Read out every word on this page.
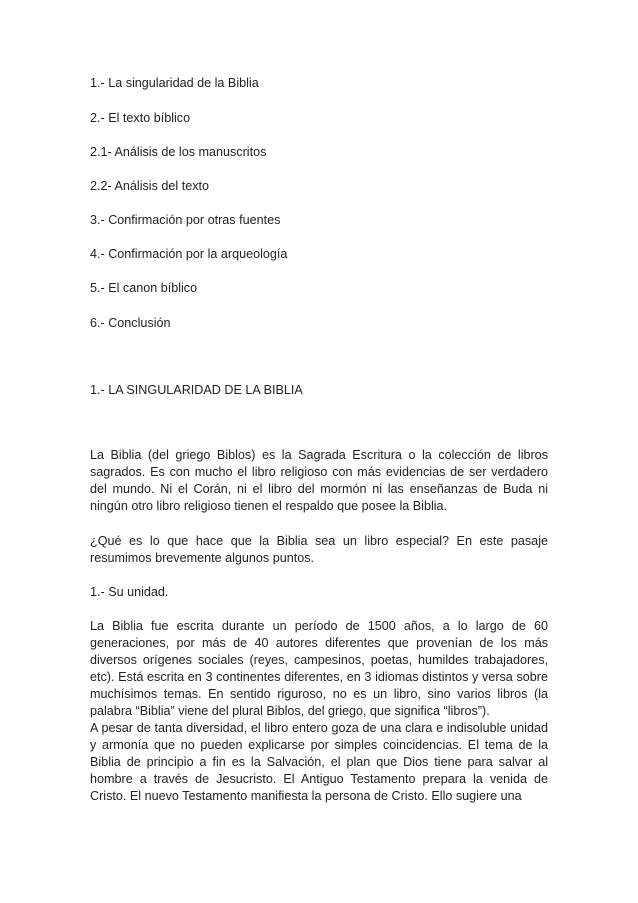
1.- La singularidad de la Biblia
2.- El texto bíblico
2.1- Análisis de los manuscritos
2.2- Análisis del texto
3.- Confirmación por otras fuentes
4.- Confirmación por la arqueología
5.- El canon bíblico
6.- Conclusión
1.- LA SINGULARIDAD DE LA BIBLIA

La Biblia (del griego Biblos) es la Sagrada Escritura o la colección de libros sagrados. Es con mucho el libro religioso con más evidencias de ser verdadero del mundo. Ni el Corán, ni el libro del mormón ni las enseñanzas de Buda ni ningún otro libro religioso tienen el respaldo que posee la Biblia.

¿Qué es lo que hace que la Biblia sea un libro especial? En este pasaje resumimos brevemente algunos puntos.

1.- Su unidad.

La Biblia fue escrita durante un período de 1500 años, a lo largo de 60 generaciones, por más de 40 autores diferentes que provenían de los más diversos orígenes sociales (reyes, campesinos, poetas, humildes trabajadores, etc). Está escrita en 3 continentes diferentes, en 3 idiomas distintos y versa sobre muchísimos temas. En sentido riguroso, no es un libro, sino varios libros (la palabra “Biblia” viene del plural Biblos, del griego, que significa “libros”).

A pesar de tanta diversidad, el libro entero goza de una clara e indisoluble unidad y armonía que no pueden explicarse por simples coincidencias. El tema de la Biblia de principio a fin es la Salvación, el plan que Dios tiene para salvar al hombre a través de Jesucristo. El Antiguo Testamento prepara la venida de Cristo. El nuevo Testamento manifiesta la persona de Cristo. Ello sugiere una
